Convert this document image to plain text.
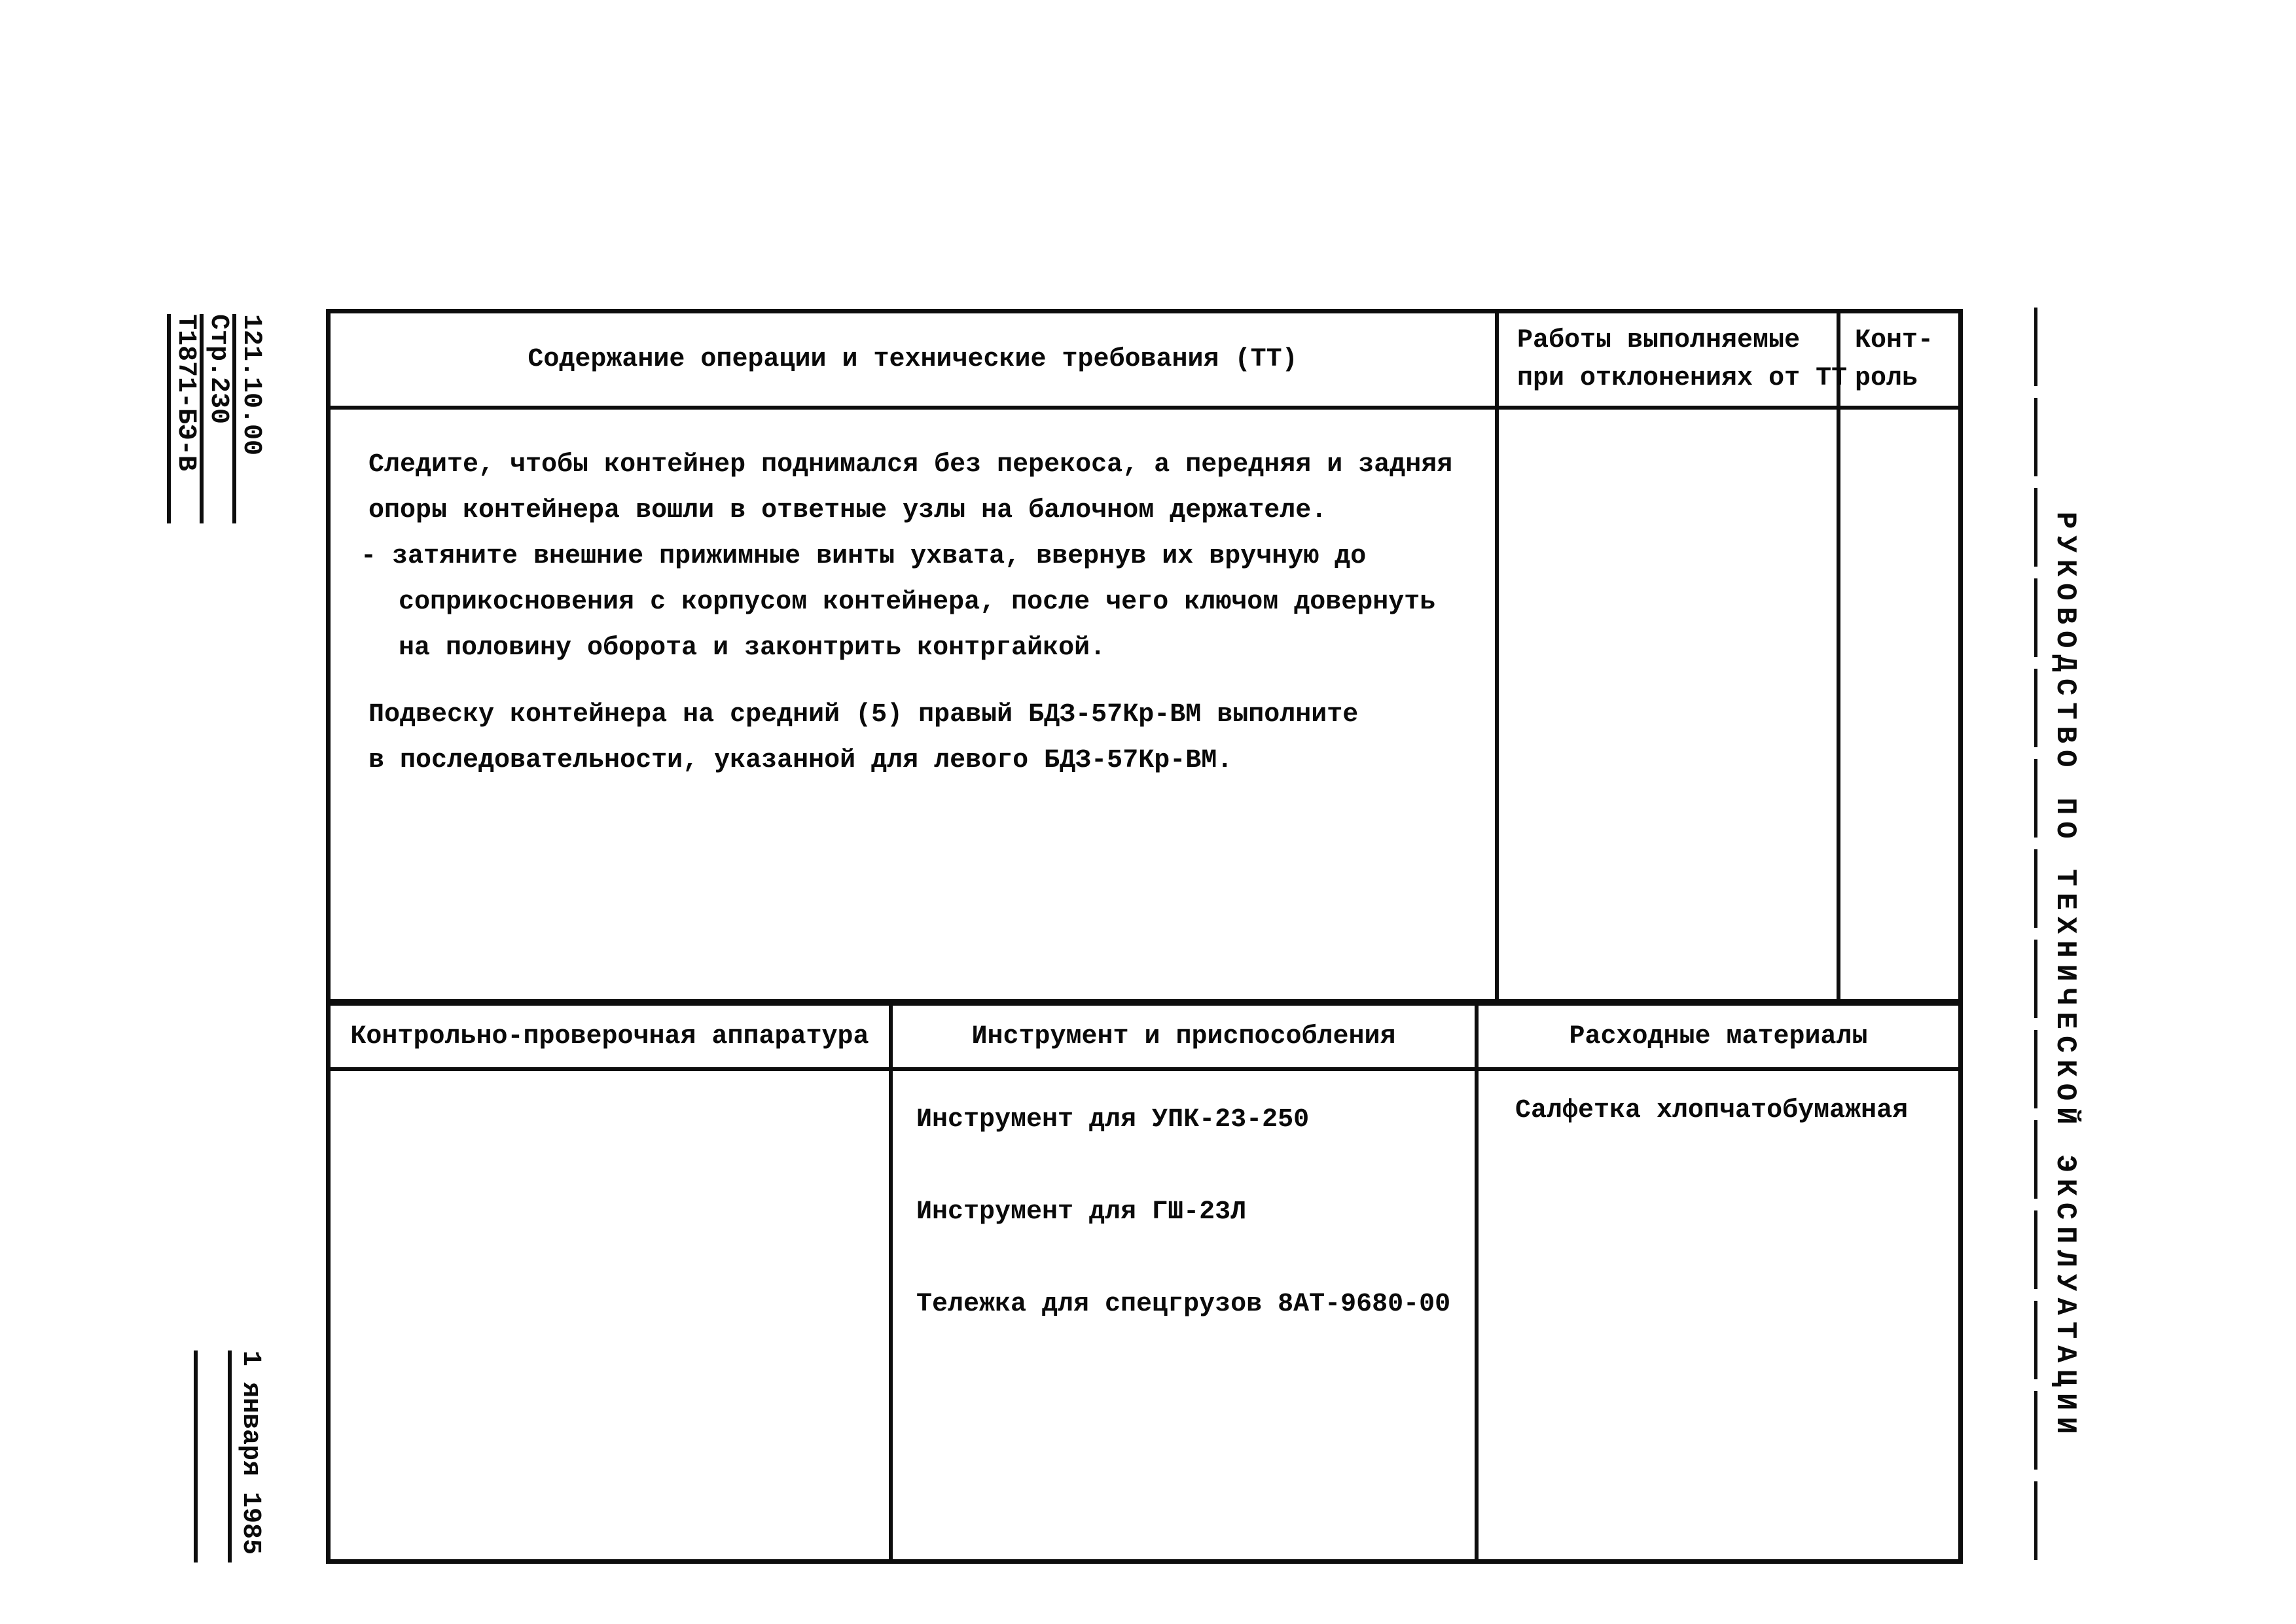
121.10.00
Стр.230
Т1871-БЭ-В
1 января 1985
РУКОВОДСТВО ПО ТЕХНИЧЕСКОЙ ЭКСПЛУАТАЦИИ
Содержание операции и технические требования (ТТ)
Работы выполняемые
при отклонениях от ТТ
Конт-
роль
Следите, чтобы контейнер поднимался без перекоса, а передняя и задняя
опоры контейнера вошли в ответные узлы на балочном держателе.
- затяните внешние прижимные винты ухвата, ввернув их вручную до
соприкосновения с корпусом контейнера, после чего ключом довернуть
на половину оборота и законтрить контргайкой.
Подвеску контейнера на средний (5) правый БДЗ-57Кр-ВМ выполните
в последовательности, указанной для левого БДЗ-57Кр-ВМ.
Контрольно-проверочная аппаратура	Инструмент и приспособления	Расходные материалы
Инструмент для УПК-23-250
Инструмент для ГШ-23Л
Тележка для спецгрузов 8АТ-9680-00
Салфетка хлопчатобумажная
